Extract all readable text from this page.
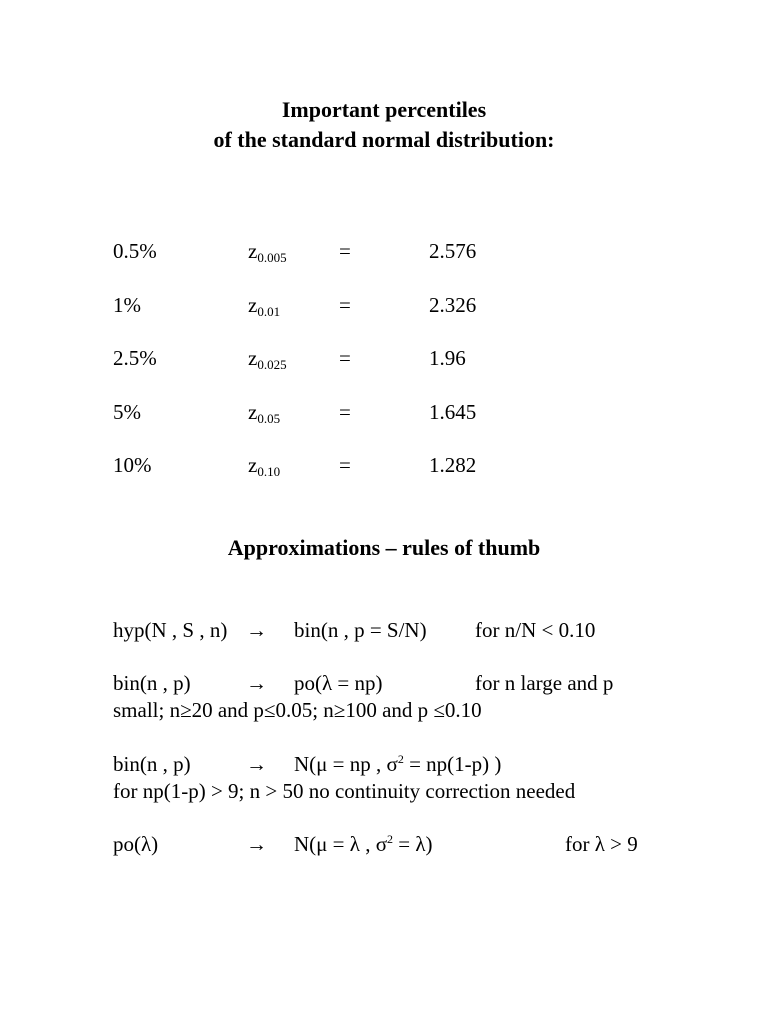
Important percentiles
of the standard normal distribution:
0.5%	$z_{0.005}$ =	2.576
1%	$z_{0.01}$	=	2.326
2.5%	$z_{0.025}$ =	1.96
5%	$z_{0.05}$	=	1.645
10%	$z_{0.10}$	=	1.282
Approximations – rules of thumb
hyp(N , S , n) → bin(n , p = S/N) for n/N < 0.10
bin(n , p)	→ po(λ = np)	for n large and p
small; n≥20 and p≤0.05; n≥100 and p ≤0.10
bin(n , p)	→ N(μ = np , $\sigma^2 = np(1-p)$ )
for np(1-p) > 9; n > 50 no continuity correction needed
po(λ)	→ N(μ = λ , $\sigma^2 = \lambda$)	for λ > 9
